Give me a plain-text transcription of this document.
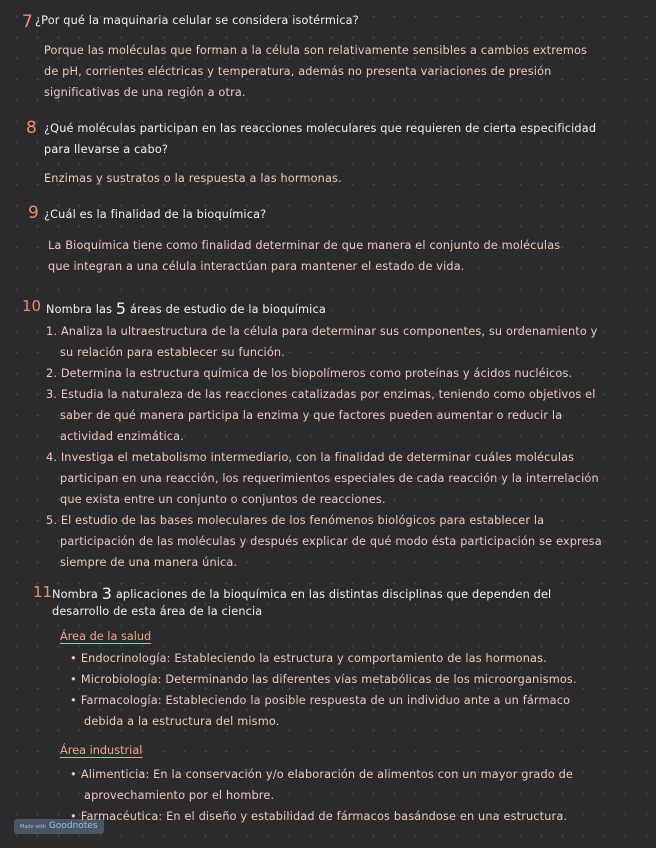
7 ¿Por qué la maquinaria celular se considera isotérmica?
Porque las moléculas que forman a la célula son relativamente sensibles a cambios extremos
de pH, corrientes eléctricas y temperatura, además no presenta variaciones de presión
significativas de una región a otra.
8 ¿Qué moléculas participan en las reacciones moleculares que requieren de cierta especificidad
para llevarse a cabo?
Enzimas y sustratos o la respuesta a las hormonas.
9 ¿Cuál es la finalidad de la bioquímica?
La Bioquímica tiene como finalidad determinar de que manera el conjunto de moléculas
que integran a una célula interactúan para mantener el estado de vida.
10 Nombra las 5 áreas de estudio de la bioquímica
1. Analiza la ultraestructura de la célula para determinar sus componentes, su ordenamiento y
su relación para establecer su función.
2. Determina la estructura química de los biopolímeros como proteínas y ácidos nucléicos.
3. Estudia la naturaleza de las reacciones catalizadas por enzimas, teniendo como objetivos el
saber de qué manera participa la enzima y que factores pueden aumentar o reducir la
actividad enzimática.
4. Investiga el metabolismo intermediario, con la finalidad de determinar cuáles moléculas
participan en una reacción, los requerimientos especiales de cada reacción y la interrelación
que exista entre un conjunto o conjuntos de reacciones.
5. El estudio de las bases moleculares de los fenómenos biológicos para establecer la
participación de las moléculas y después explicar de qué modo ésta participación se expresa
siempre de una manera única.
11 Nombra 3 aplicaciones de la bioquímica en las distintas disciplinas que dependen del
desarrollo de esta área de la ciencia
Área de la salud
• Endocrinología: Estableciendo la estructura y comportamiento de las hormonas.
• Microbiología: Determinando las diferentes vías metabólicas de los microorganismos.
• Farmacología: Estableciendo la posible respuesta de un individuo ante a un fármaco
debida a la estructura del mismo.
Área industrial
• Alimenticia: En la conservación y/o elaboración de alimentos con un mayor grado de
aprovechamiento por el hombre.
• Farmacéutica: En el diseño y estabilidad de fármacos basándose en una estructura.
Made with Goodnotes
